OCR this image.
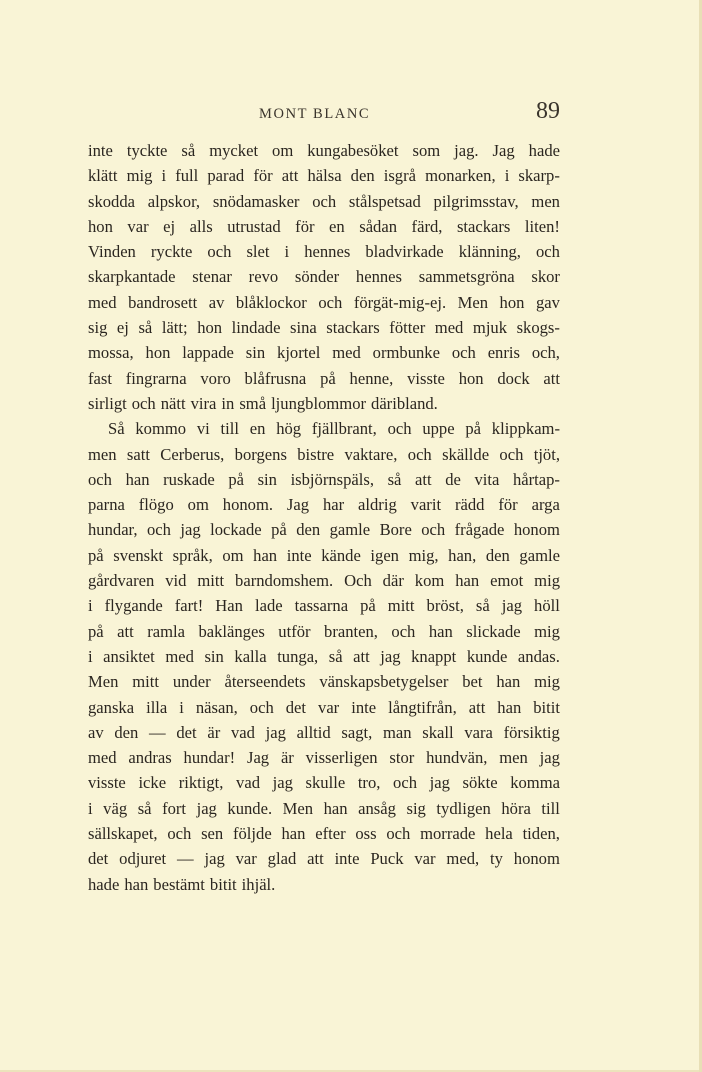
MONT BLANC	89
inte tyckte så mycket om kungabesöket som jag. Jag hade
klätt mig i full parad för att hälsa den isgrå monarken, i skarp-
skodda alpskor, snödamasker och stålspetsad pilgrimsstav, men
hon var ej alls utrustad för en sådan färd, stackars liten!
Vinden ryckte och slet i hennes bladvirkade klänning, och
skarpkantade stenar revo sönder hennes sammetsgröna skor
med bandrosett av blåklockor och förgät-mig-ej. Men hon gav
sig ej så lätt; hon lindade sina stackars fötter med mjuk skogs-
mossa, hon lappade sin kjortel med ormbunke och enris och,
fast fingrarna voro blåfrusna på henne, visste hon dock att
sirligt och nätt vira in små ljungblommor däribland.
Så kommo vi till en hög fjällbrant, och uppe på klippkam-
men satt Cerberus, borgens bistre vaktare, och skällde och tjöt,
och han ruskade på sin isbjörnspäls, så att de vita hårtap-
parna flögo om honom. Jag har aldrig varit rädd för arga
hundar, och jag lockade på den gamle Bore och frågade honom
på svenskt språk, om han inte kände igen mig, han, den gamle
gårdvaren vid mitt barndomshem. Och där kom han emot mig
i flygande fart! Han lade tassarna på mitt bröst, så jag höll
på att ramla baklänges utför branten, och han slickade mig
i ansiktet med sin kalla tunga, så att jag knappt kunde andas.
Men mitt under återseendets vänskapsbetygelser bet han mig
ganska illa i näsan, och det var inte långtifrån, att han bitit
av den — det är vad jag alltid sagt, man skall vara försiktig
med andras hundar! Jag är visserligen stor hundvän, men jag
visste icke riktigt, vad jag skulle tro, och jag sökte komma
i väg så fort jag kunde. Men han ansåg sig tydligen höra till
sällskapet, och sen följde han efter oss och morrade hela tiden,
det odjuret — jag var glad att inte Puck var med, ty honom
hade han bestämt bitit ihjäl.
